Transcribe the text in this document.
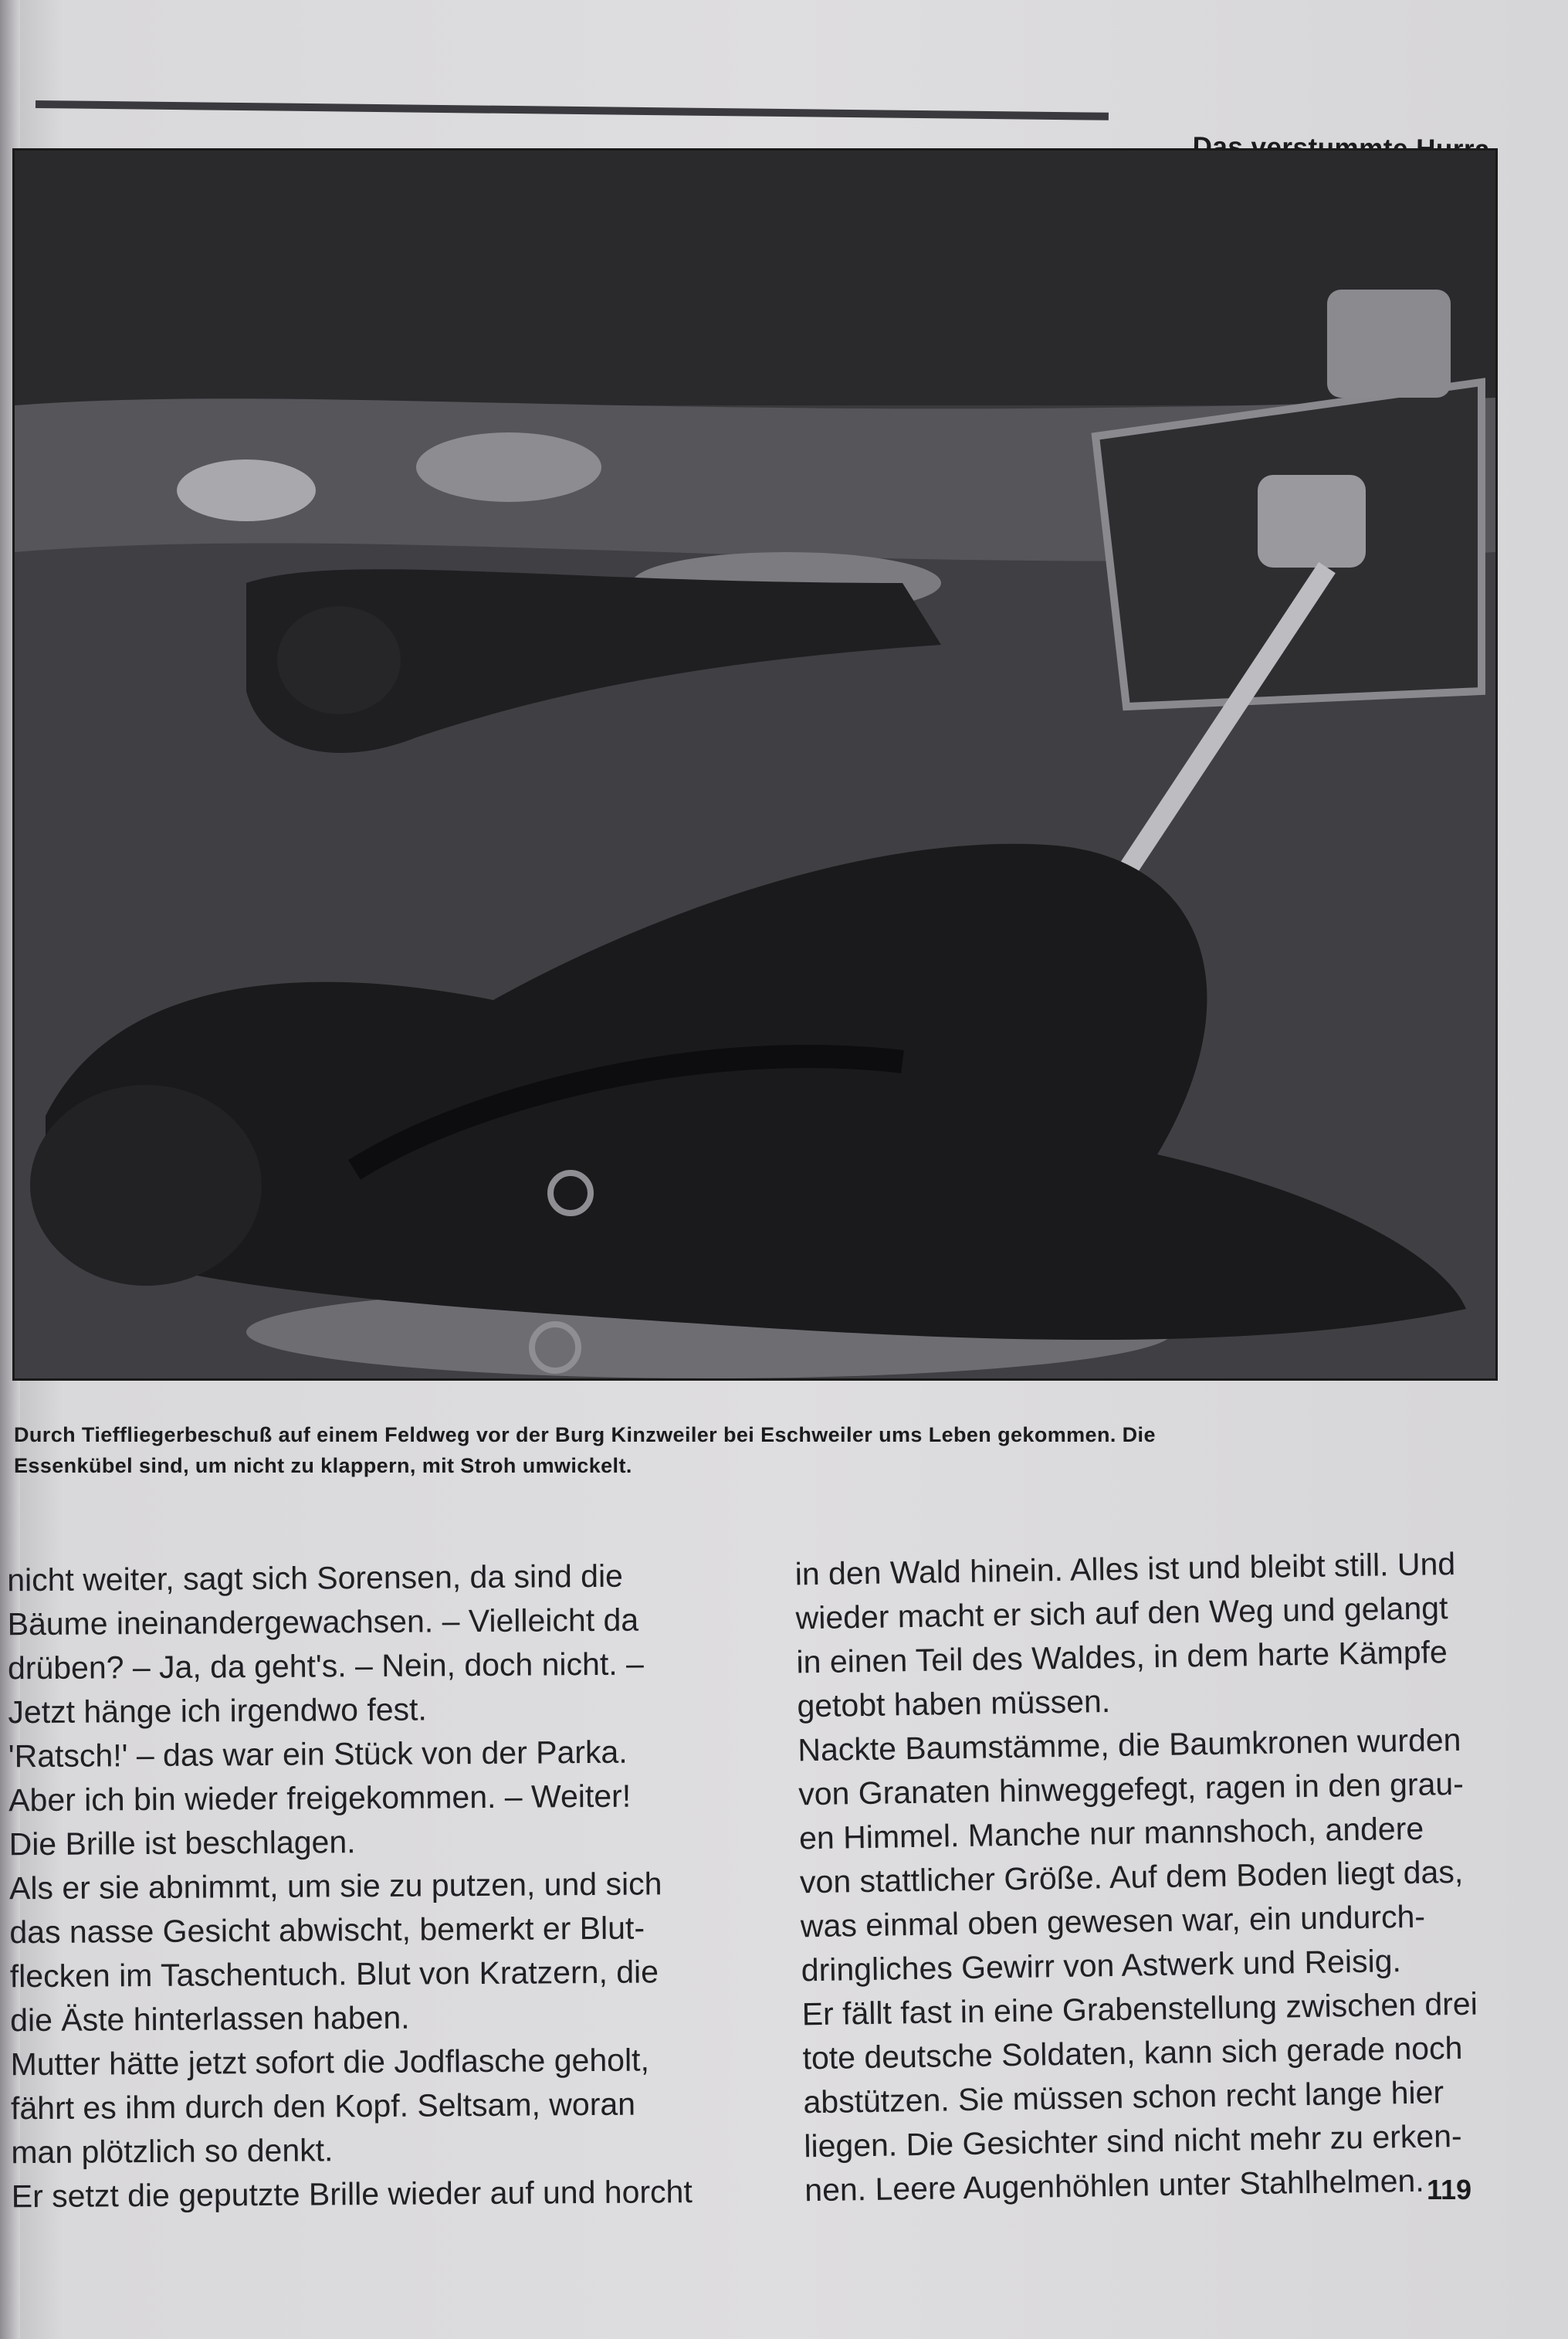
Durch Tieffliegerbeschuß auf einem Feldweg vor der Burg Kinzweiler bei Eschweiler ums Leben gekommen. Die

Essenkübel sind, um nicht zu klappern, mit Stroh umwickelt.

nicht weiter, sagt sich Sorensen, da sind die

Bäume ineinandergewachsen. – Vielleicht da

drüben? – Ja, da geht's. – Nein, doch nicht. –

Jetzt hänge ich irgendwo fest.

'Ratsch!' – das war ein Stück von der Parka.

Aber ich bin wieder freigekommen. – Weiter!

Die Brille ist beschlagen.

Als er sie abnimmt, um sie zu putzen, und sich

das nasse Gesicht abwischt, bemerkt er Blut-

flecken im Taschentuch. Blut von Kratzern, die

die Äste hinterlassen haben.

Mutter hätte jetzt sofort die Jodflasche geholt,

fährt es ihm durch den Kopf. Seltsam, woran

man plötzlich so denkt.

Er setzt die geputzte Brille wieder auf und horcht

in den Wald hinein. Alles ist und bleibt still. Und

wieder macht er sich auf den Weg und gelangt

in einen Teil des Waldes, in dem harte Kämpfe

getobt haben müssen.

Nackte Baumstämme, die Baumkronen wurden

von Granaten hinweggefegt, ragen in den grau-

en Himmel. Manche nur mannshoch, andere

von stattlicher Größe. Auf dem Boden liegt das,

was einmal oben gewesen war, ein undurch-

dringliches Gewirr von Astwerk und Reisig.

Er fällt fast in eine Grabenstellung zwischen drei

tote deutsche Soldaten, kann sich gerade noch

abstützen. Sie müssen schon recht lange hier

liegen. Die Gesichter sind nicht mehr zu erken-

nen. Leere Augenhöhlen unter Stahlhelmen. 119
